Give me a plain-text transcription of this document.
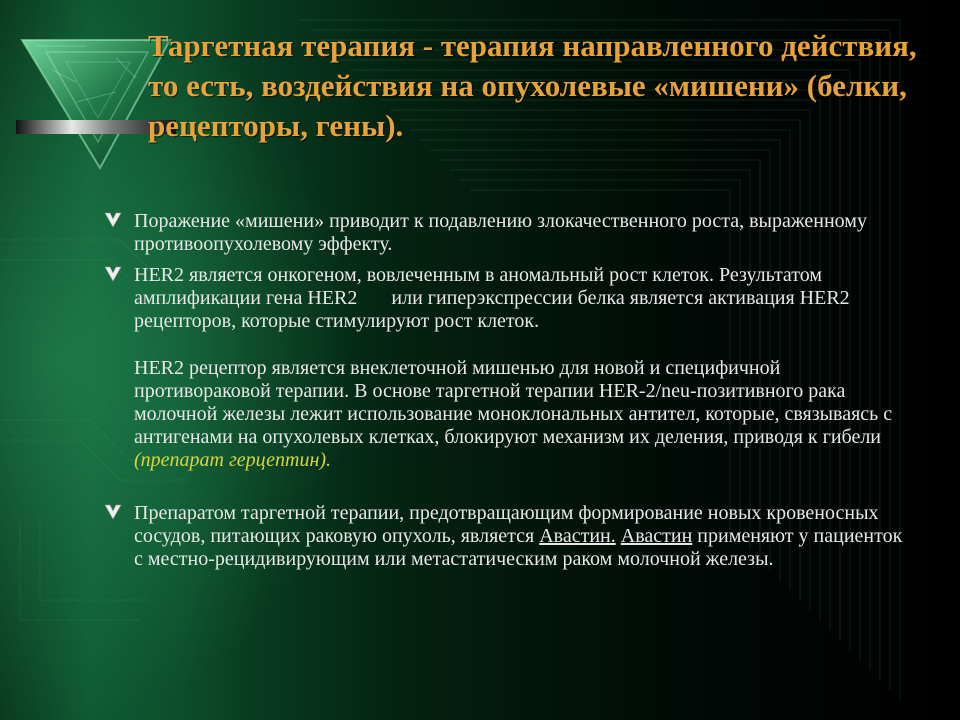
Таргетная терапия - терапия направленного действия, то есть, воздействия на опухолевые «мишени» (белки, рецепторы, гены).

Поражение «мишени» приводит к подавлению злокачественного роста, выраженному противоопухолевому эффекту.

HER2 является онкогеном, вовлеченным в аномальный рост клеток. Результатом амплификации гена HER2 или гиперэкспрессии белка является активация HER2 рецепторов, которые стимулируют рост клеток.

HER2 рецептор является внеклеточной мишенью для новой и специфичной противораковой терапии. В основе таргетной терапии HER-2/neu-позитивного рака молочной железы лежит использование моноклональных антител, которые, связываясь с антигенами на опухолевых клетках, блокируют механизм их деления, приводя к гибели (препарат герцептин).

Препаратом таргетной терапии, предотвращающим формирование новых кровеносных сосудов, питающих раковую опухоль, является Авастин. Авастин применяют у пациенток с местно-рецидивирующим или метастатическим раком молочной железы.
